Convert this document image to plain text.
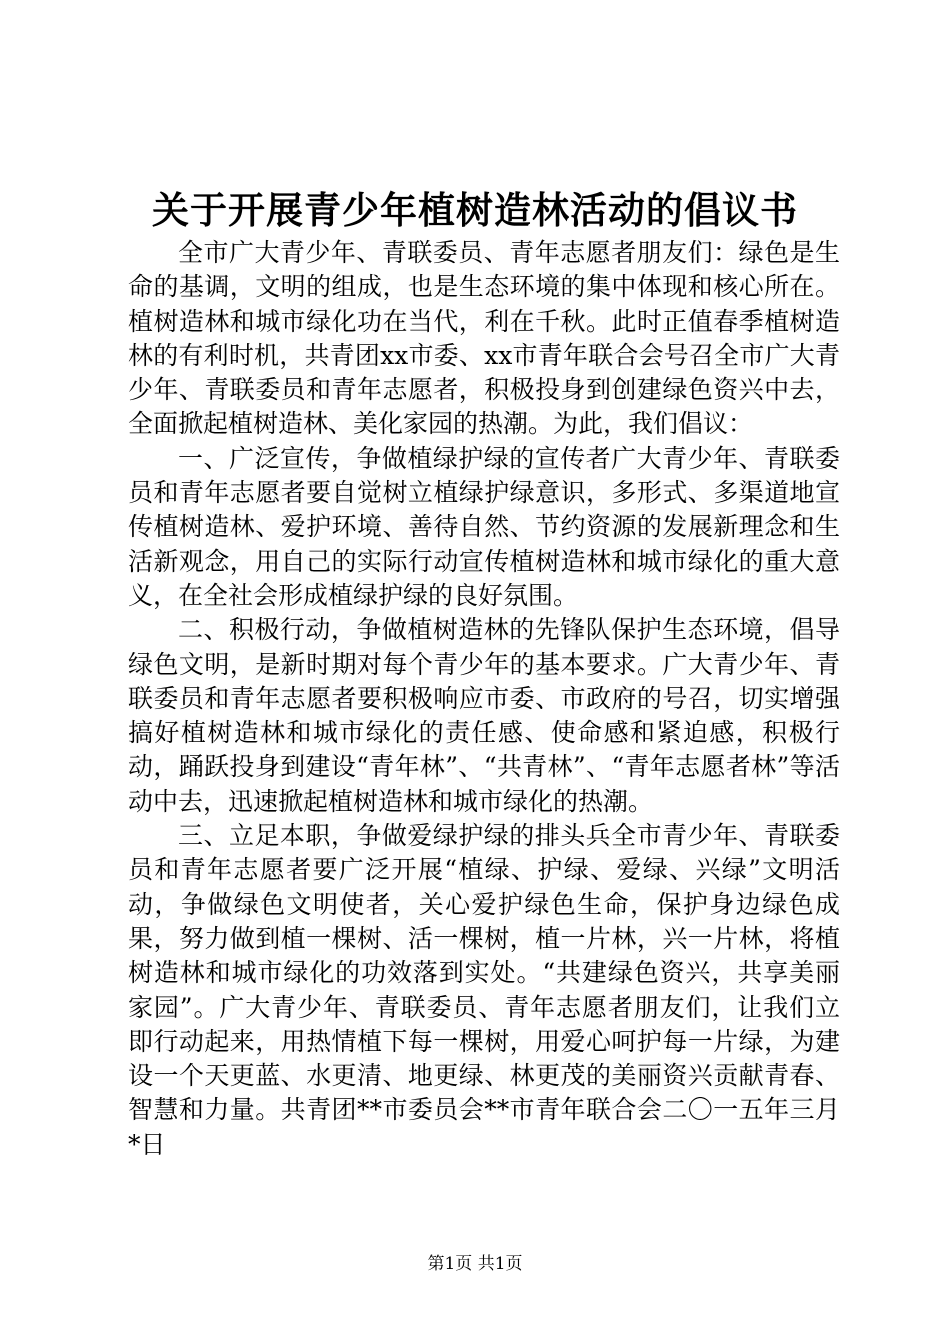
关于开展青少年植树造林活动的倡议书

全市广大青少年、青联委员、青年志愿者朋友们：绿色是生命的基调，文明的组成，也是生态环境的集中体现和核心所在。植树造林和城市绿化功在当代，利在千秋。此时正值春季植树造林的有利时机，共青团xx市委、xx市青年联合会号召全市广大青少年、青联委员和青年志愿者，积极投身到创建绿色资兴中去，全面掀起植树造林、美化家园的热潮。为此，我们倡议：

一、广泛宣传，争做植绿护绿的宣传者广大青少年、青联委员和青年志愿者要自觉树立植绿护绿意识，多形式、多渠道地宣传植树造林、爱护环境、善待自然、节约资源的发展新理念和生活新观念，用自己的实际行动宣传植树造林和城市绿化的重大意义，在全社会形成植绿护绿的良好氛围。

二、积极行动，争做植树造林的先锋队保护生态环境，倡导绿色文明，是新时期对每个青少年的基本要求。广大青少年、青联委员和青年志愿者要积极响应市委、市政府的号召，切实增强搞好植树造林和城市绿化的责任感、使命感和紧迫感，积极行动，踊跃投身到建设“青年林”、“共青林”、“青年志愿者林”等活动中去，迅速掀起植树造林和城市绿化的热潮。

三、立足本职，争做爱绿护绿的排头兵全市青少年、青联委员和青年志愿者要广泛开展“植绿、护绿、爱绿、兴绿”文明活动，争做绿色文明使者，关心爱护绿色生命，保护身边绿色成果，努力做到植一棵树、活一棵树，植一片林，兴一片林，将植树造林和城市绿化的功效落到实处。“共建绿色资兴，共享美丽家园”。广大青少年、青联委员、青年志愿者朋友们，让我们立即行动起来，用热情植下每一棵树，用爱心呵护每一片绿，为建设一个天更蓝、水更清、地更绿、林更茂的美丽资兴贡献青春、智慧和力量。共青团**市委员会**市青年联合会二〇一五年三月*日

第1页 共1页
